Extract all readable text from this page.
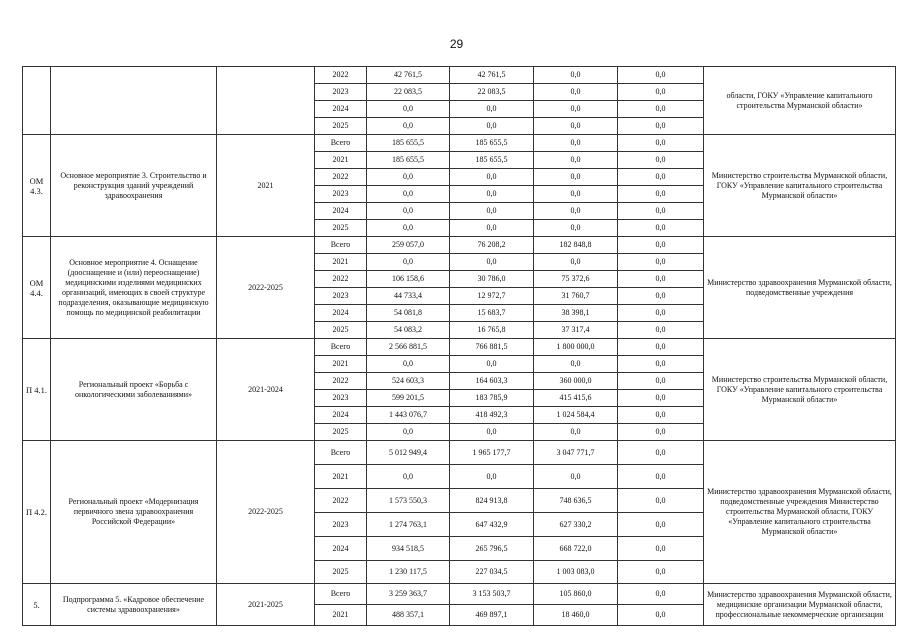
29
			2022	42 761,5	42 761,5	0,0	0,0	области, ГОКУ «Управление капитального строительства Мурманской области»
			2023	22 083,5	22 083,5	0,0	0,0	
			2024	0,0	0,0	0,0	0,0	
			2025	0,0	0,0	0,0	0,0	
ОМ 4.3.	Основное мероприятие 3. Строительство и реконструкция зданий учреждений здравоохранения	2021	Всего	185 655,5	185 655,5	0,0	0,0	Министерство строительства Мурманской области, ГОКУ «Управление капитального строительства Мурманской области»
			2021	185 655,5	185 655,5	0,0	0,0	
			2022	0,0	0,0	0,0	0,0	
			2023	0,0	0,0	0,0	0,0	
			2024	0,0	0,0	0,0	0,0	
			2025	0,0	0,0	0,0	0,0	
ОМ 4.4.	Основное мероприятие 4. Оснащение (дооснащение и (или) переоснащение) медицинскими изделиями медицинских организаций, имеющих в своей структуре подразделения, оказывающие медицинскую помощь по медицинской реабилитации	2022-2025	Всего	259 057,0	76 208,2	182 848,8	0,0	Министерство здравоохранения Мурманской области, подведомственные учреждения
			2021	0,0	0,0	0,0	0,0	
			2022	106 158,6	30 786,0	75 372,6	0,0	
			2023	44 733,4	12 972,7	31 760,7	0,0	
			2024	54 081,8	15 683,7	38 398,1	0,0	
			2025	54 083,2	16 765,8	37 317,4	0,0	
П 4.1.	Региональный проект «Борьба с онкологическими заболеваниями»	2021-2024	Всего	2 566 881,5	766 881,5	1 800 000,0	0,0	Министерство строительства Мурманской области, ГОКУ «Управление капитального строительства Мурманской области»
			2021	0,0	0,0	0,0	0,0	
			2022	524 603,3	164 603,3	360 000,0	0,0	
			2023	599 201,5	183 785,9	415 415,6	0,0	
			2024	1 443 076,7	418 492,3	1 024 584,4	0,0	
			2025	0,0	0,0	0,0	0,0	
П 4.2.	Региональный проект «Модернизация первичного звена здравоохранения Российской Федерации»	2022-2025	Всего	5 012 949,4	1 965 177,7	3 047 771,7	0,0	Министерство здравоохранения Мурманской области, подведомственные учреждения Министерство строительства Мурманской области, ГОКУ «Управление капитального строительства Мурманской области»
			2021	0,0	0,0	0,0	0,0	
			2022	1 573 550,3	824 913,8	748 636,5	0,0	
			2023	1 274 763,1	647 432,9	627 330,2	0,0	
			2024	934 518,5	265 796,5	668 722,0	0,0	
			2025	1 230 117,5	227 034,5	1 003 083,0	0,0	
5.	Подпрограмма 5. «Кадровое обеспечение системы здравоохранения»	2021-2025	Всего	3 259 363,7	3 153 503,7	105 860,0	0,0	Министерство здравоохранения Мурманской области, медицинские организации Мурманской области, профессиональные некоммерческие организации
			2021	488 357,1	469 897,1	18 460,0	0,0	
